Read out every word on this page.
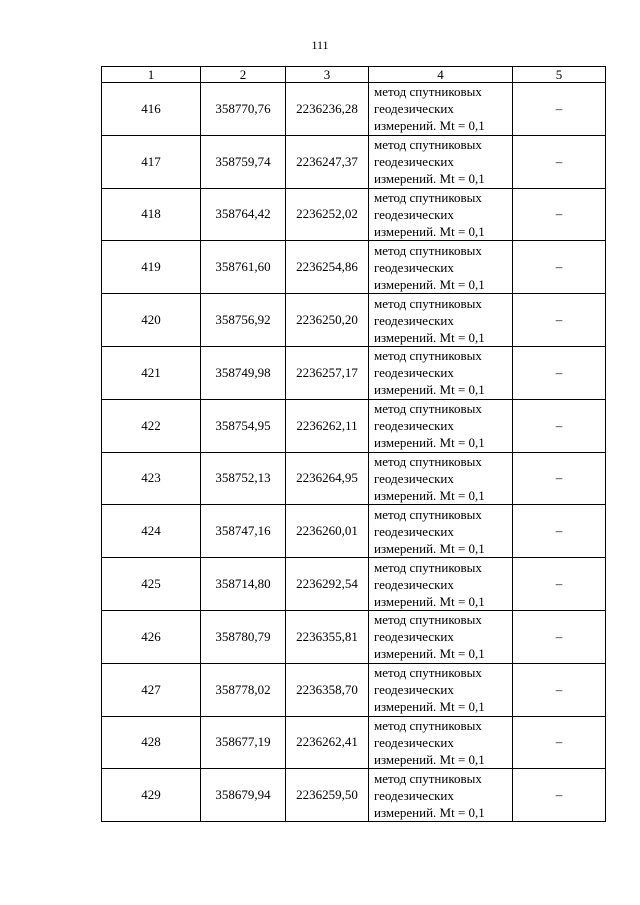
111
1	2	3	4	5
416	358770,76	2236236,28	метод спутниковых
геодезических
измерений. Mt = 0,1	–
417	358759,74	2236247,37	метод спутниковых
геодезических
измерений. Mt = 0,1	–
418	358764,42	2236252,02	метод спутниковых
геодезических
измерений. Mt = 0,1	–
419	358761,60	2236254,86	метод спутниковых
геодезических
измерений. Mt = 0,1	–
420	358756,92	2236250,20	метод спутниковых
геодезических
измерений. Mt = 0,1	–
421	358749,98	2236257,17	метод спутниковых
геодезических
измерений. Mt = 0,1	–
422	358754,95	2236262,11	метод спутниковых
геодезических
измерений. Mt = 0,1	–
423	358752,13	2236264,95	метод спутниковых
геодезических
измерений. Mt = 0,1	–
424	358747,16	2236260,01	метод спутниковых
геодезических
измерений. Mt = 0,1	–
425	358714,80	2236292,54	метод спутниковых
геодезических
измерений. Mt = 0,1	–
426	358780,79	2236355,81	метод спутниковых
геодезических
измерений. Mt = 0,1	–
427	358778,02	2236358,70	метод спутниковых
геодезических
измерений. Mt = 0,1	–
428	358677,19	2236262,41	метод спутниковых
геодезических
измерений. Mt = 0,1	–
429	358679,94	2236259,50	метод спутниковых
геодезических
измерений. Mt = 0,1	–
